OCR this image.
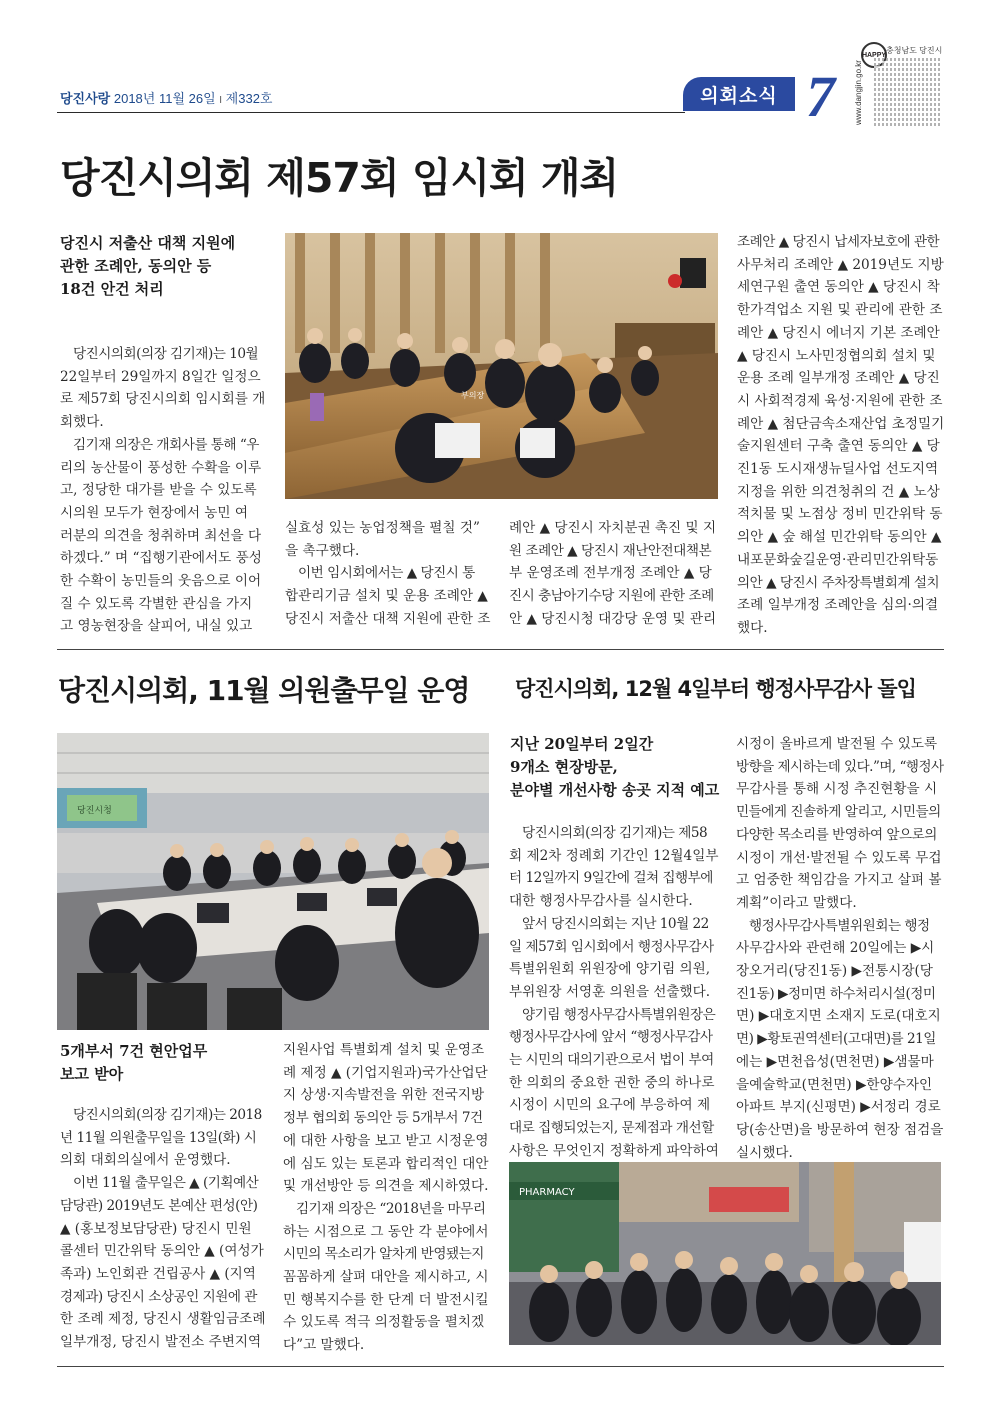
당진사랑 2018년 11월 26일 I 제332호	의회소식 7
HAPPY 충청남도 당진시
www.dangjin.go.kr
당진시의회 제57회 임시회 개최
당진시 저출산 대책 지원에
관한 조례안, 동의안 등
18건 안건 처리
당진시의회(의장 김기재)는 10월
22일부터 29일까지 8일간 일정으
로 제57회 당진시의회 임시회를 개
회했다.
김기재 의장은 개회사를 통해 “우
리의 농산물이 풍성한 수확을 이루
고, 정당한 대가를 받을 수 있도록
시의원 모두가 현장에서 농민 여
러분의 의견을 청취하며 최선을 다
하겠다.” 며 “집행기관에서도 풍성
한 수확이 농민들의 웃음으로 이어
질 수 있도록 각별한 관심을 가지
고 영농현장을 살피어, 내실 있고
부의장
실효성 있는 농업정책을 펼칠 것”
을 촉구했다.
이번 임시회에서는 ▲ 당진시 통
합관리기금 설치 및 운용 조례안 ▲
당진시 저출산 대책 지원에 관한 조
례안 ▲ 당진시 자치분권 촉진 및 지
원 조례안 ▲ 당진시 재난안전대책본
부 운영조례 전부개정 조례안 ▲ 당
진시 충남아기수당 지원에 관한 조례
안 ▲ 당진시청 대강당 운영 및 관리
조례안 ▲ 당진시 납세자보호에 관한
사무처리 조례안 ▲ 2019년도 지방
세연구원 출연 동의안 ▲ 당진시 착
한가격업소 지원 및 관리에 관한 조
례안 ▲ 당진시 에너지 기본 조례안
▲ 당진시 노사민정협의회 설치 및
운용 조례 일부개정 조례안 ▲ 당진
시 사회적경제 육성·지원에 관한 조
례안 ▲ 첨단금속소재산업 초정밀기
술지원센터 구축 출연 동의안 ▲ 당
진1동 도시재생뉴딜사업 선도지역
지정을 위한 의견청취의 건 ▲ 노상
적치물 및 노점상 정비 민간위탁 동
의안 ▲ 숲 해설 민간위탁 동의안 ▲
내포문화숲길운영·관리민간위탁동
의안 ▲ 당진시 주차장특별회계 설치
조례 일부개정 조례안을 심의·의결
했다.
당진시의회, 11월 의원출무일 운영
당진시청
5개부서 7건 현안업무
보고 받아
당진시의회(의장 김기재)는 2018
년 11월 의원출무일을 13일(화) 시
의회 대회의실에서 운영했다.
이번 11월 출무일은 ▲ (기획예산
담당관) 2019년도 본예산 편성(안)
▲ (홍보정보담당관) 당진시 민원
콜센터 민간위탁 동의안 ▲ (여성가
족과) 노인회관 건립공사 ▲ (지역
경제과) 당진시 소상공인 지원에 관
한 조례 제정, 당진시 생활임금조례
일부개정, 당진시 발전소 주변지역
지원사업 특별회계 설치 및 운영조
례 제정 ▲ (기업지원과)국가산업단
지 상생·지속발전을 위한 전국지방
정부 협의회 동의안 등 5개부서 7건
에 대한 사항을 보고 받고 시정운영
에 심도 있는 토론과 합리적인 대안
및 개선방안 등 의견을 제시하였다.
김기재 의장은 “2018년을 마무리
하는 시점으로 그 동안 각 분야에서
시민의 목소리가 알차게 반영됐는지
꼼꼼하게 살펴 대안을 제시하고, 시
민 행복지수를 한 단계 더 발전시킬
수 있도록 적극 의정활동을 펼치겠
다”고 말했다.
당진시의회, 12월 4일부터 행정사무감사 돌입
지난 20일부터 2일간
9개소 현장방문,
분야별 개선사항 송곳 지적 예고
당진시의회(의장 김기재)는 제58
회 제2차 정례회 기간인 12월4일부
터 12일까지 9일간에 걸쳐 집행부에
대한 행정사무감사를 실시한다.
앞서 당진시의회는 지난 10월 22
일 제57회 임시회에서 행정사무감사
특별위원회 위원장에 양기림 의원,
부위원장 서영훈 의원을 선출했다.
양기림 행정사무감사특별위원장은
행정사무감사에 앞서 “행정사무감사
는 시민의 대의기관으로서 법이 부여
한 의회의 중요한 권한 중의 하나로
시정이 시민의 요구에 부응하여 제
대로 집행되었는지, 문제점과 개선할
사항은 무엇인지 정확하게 파악하여
시정이 올바르게 발전될 수 있도록
방향을 제시하는데 있다.”며, “행정사
무감사를 통해 시정 추진현황을 시
민들에게 진솔하게 알리고, 시민들의
다양한 목소리를 반영하여 앞으로의
시정이 개선·발전될 수 있도록 무겁
고 엄중한 책임감을 가지고 살펴 볼
계획”이라고 말했다.
행정사무감사특별위원회는 행정
사무감사와 관련해 20일에는 ▶시
장오거리(당진1동) ▶전통시장(당
진1동) ▶정미면 하수처리시설(정미
면) ▶대호지면 소재지 도로(대호지
면) ▶황토권역센터(고대면)를 21일
에는 ▶면천읍성(면천면) ▶샘물마
을예술학교(면천면) ▶한양수자인
아파트 부지(신평면) ▶서정리 경로
당(송산면)을 방문하여 현장 점검을
실시했다.
PHARMACY
